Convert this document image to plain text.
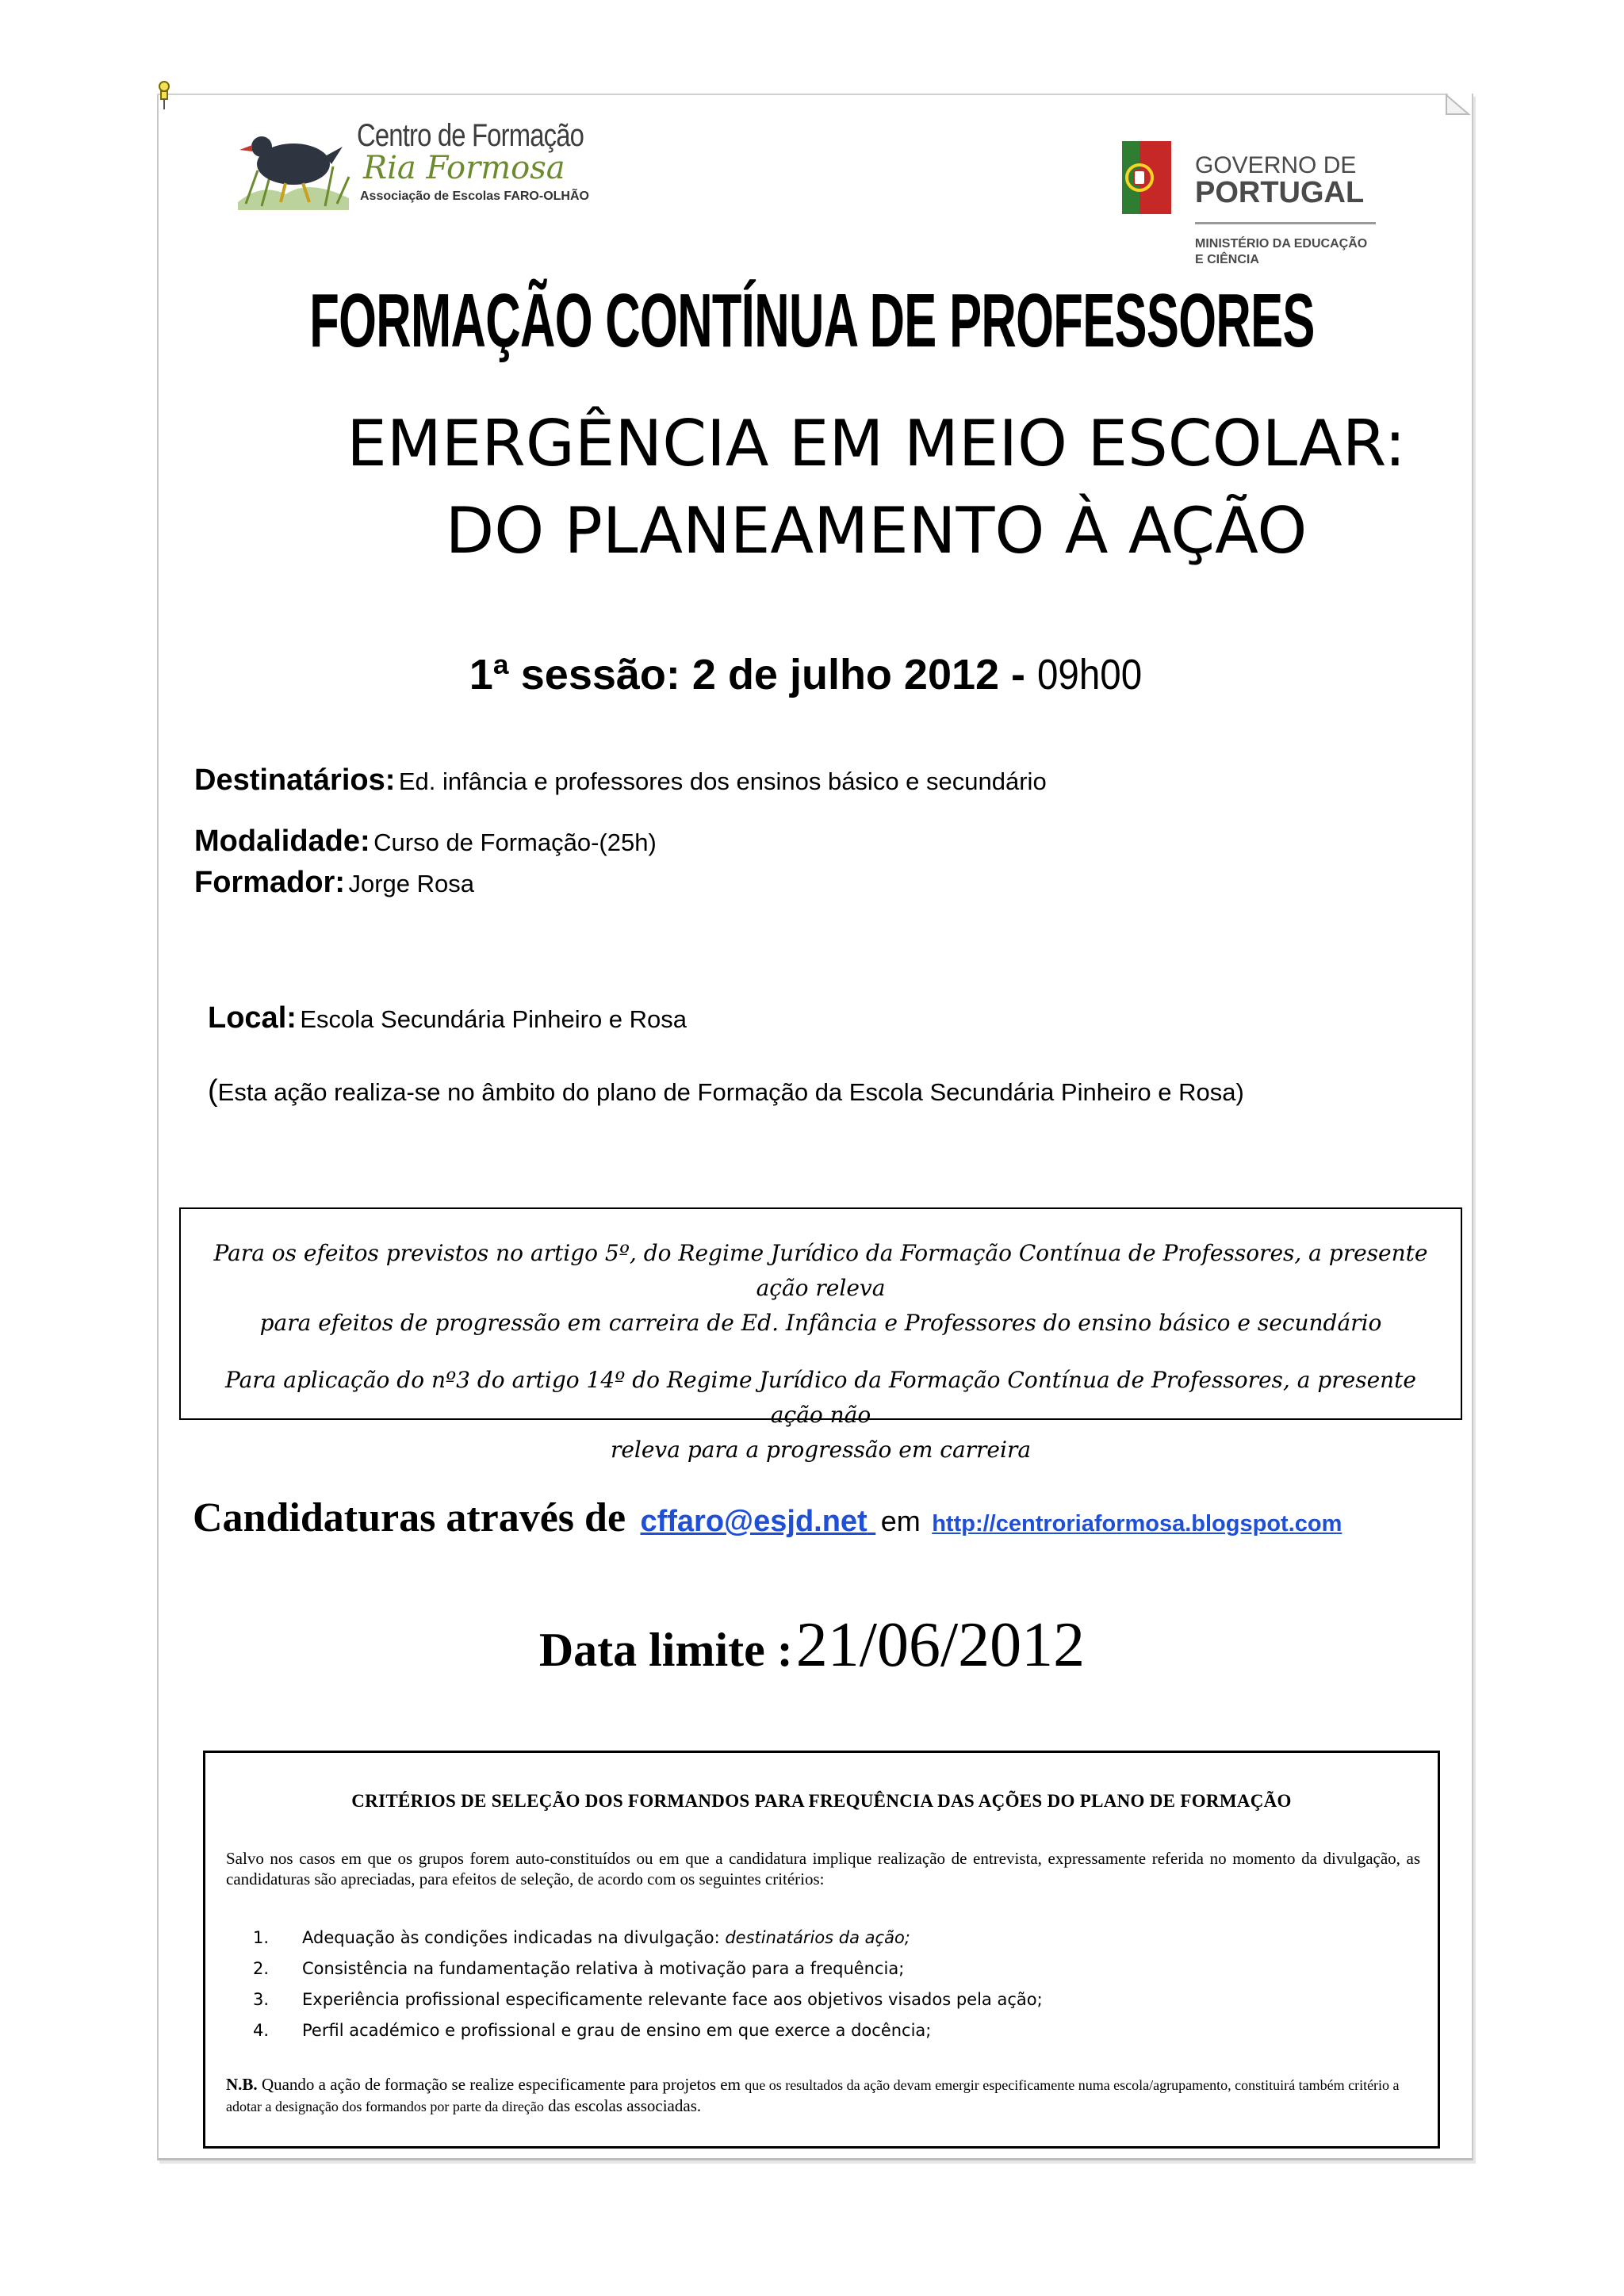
Centro de Formação
Ria Formosa
Associação de Escolas FARO-OLHÃO
GOVERNO DE
PORTUGAL
MINISTÉRIO DA EDUCAÇÃO
E CIÊNCIA
FORMAÇÃO CONTÍNUA DE PROFESSORES
EMERGÊNCIA EM MEIO ESCOLAR:
DO PLANEAMENTO À AÇÃO
1ª sessão: 2 de julho 2012 - 09h00
Destinatários: Ed. infância e professores dos ensinos básico e secundário
Modalidade: Curso de Formação-(25h)
Formador: Jorge Rosa
Local: Escola Secundária Pinheiro e Rosa
(Esta ação realiza-se no âmbito do plano de Formação da Escola Secundária Pinheiro e Rosa)

Para os efeitos previstos no artigo 5º, do Regime Jurídico da Formação Contínua de Professores, a presente ação releva
para efeitos de progressão em carreira de Ed. Infância e Professores do ensino básico e secundário

Para aplicação do nº3 do artigo 14º do Regime Jurídico da Formação Contínua de Professores, a presente ação não
releva para a progressão em carreira

Candidaturas através de cffaro@esjd.net em http://centroriaformosa.blogspot.com
Data limite : 21/06/2012
CRITÉRIOS DE SELEÇÃO DOS FORMANDOS PARA FREQUÊNCIA DAS AÇÕES DO PLANO DE FORMAÇÃO
Salvo nos casos em que os grupos forem auto-constituídos ou em que a candidatura implique realização de entrevista, expressamente referida no momento da divulgação, as candidaturas são apreciadas, para efeitos de seleção, de acordo com os seguintes critérios:
1. Adequação às condições indicadas na divulgação: destinatários da ação;
2. Consistência na fundamentação relativa à motivação para a frequência;
3. Experiência profissional especificamente relevante face aos objetivos visados pela ação;
4. Perfil académico e profissional e grau de ensino em que exerce a docência;
N.B. Quando a ação de formação se realize especificamente para projetos em que os resultados da ação devam emergir especificamente numa escola/agrupamento, constituirá também critério a adotar a designação dos formandos por parte da direção das escolas associadas.
